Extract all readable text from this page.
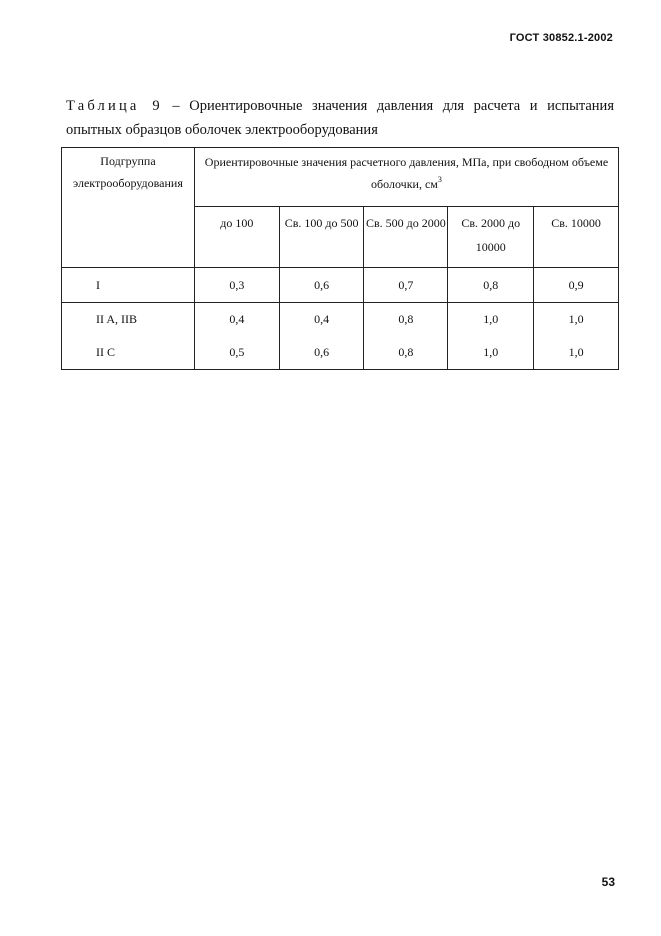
ГОСТ 30852.1-2002
Таблица 9 – Ориентировочные значения давления для расчета и испытания опытных образцов оболочек электрооборудования
Подгруппа электрооборудования	Ориентировочные значения расчетного давления, МПа, при свободном объеме оболочки, $см^3$
	до 100	Св. 100 до 500	Св. 500 до 2000	Св. 2000 до 10000	Св. 10000
I	0,3	0,6	0,7	0,8	0,9
II A, IIB	0,4	0,4	0,8	1,0	1,0
II C	0,5	0,6	0,8	1,0	1,0
53
